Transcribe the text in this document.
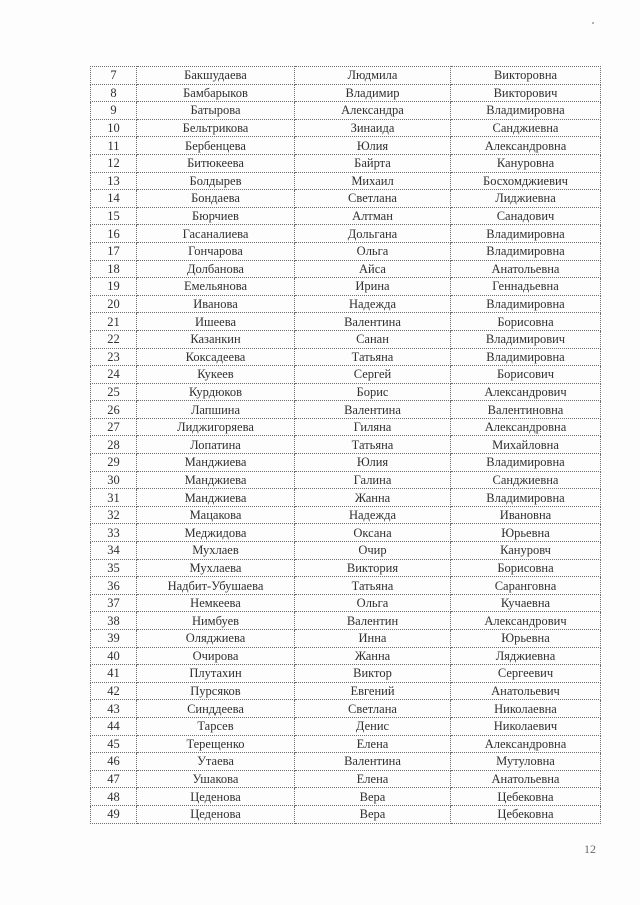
7	Бакшудаева	Людмила	Викторовна
8	Бамбарыков	Владимир	Викторович
9	Батырова	Александра	Владимировна
10	Бельтрикова	Зинаида	Санджиевна
11	Бербенцева	Юлия	Александровна
12	Битюкеева	Байрта	Кануровна
13	Болдырев	Михаил	Босхомджиевич
14	Бондаева	Светлана	Лиджиевна
15	Бюрчиев	Алтман	Санадович
16	Гасаналиева	Дольгана	Владимировна
17	Гончарова	Ольга	Владимировна
18	Долбанова	Айса	Анатольевна
19	Емельянова	Ирина	Геннадьевна
20	Иванова	Надежда	Владимировна
21	Ишеева	Валентина	Борисовна
22	Казанкин	Санан	Владимирович
23	Коксадеева	Татьяна	Владимировна
24	Кукеев	Сергей	Борисович
25	Курдюков	Борис	Александрович
26	Лапшина	Валентина	Валентиновна
27	Лиджигоряева	Гиляна	Александровна
28	Лопатина	Татьяна	Михайловна
29	Манджиева	Юлия	Владимировна
30	Манджиева	Галина	Санджиевна
31	Манджиева	Жанна	Владимировна
32	Мацакова	Надежда	Ивановна
33	Меджидова	Оксана	Юрьевна
34	Мухлаев	Очир	Кануровч
35	Мухлаева	Виктория	Борисовна
36	Надбит-Убушаева	Татьяна	Саранговна
37	Немкеева	Ольга	Кучаевна
38	Нимбуев	Валентин	Александрович
39	Оляджиева	Инна	Юрьевна
40	Очирова	Жанна	Ляджиевна
41	Плутахин	Виктор	Сергеевич
42	Пурсяков	Евгений	Анатольевич
43	Синддеева	Светлана	Николаевна
44	Тарсев	Денис	Николаевич
45	Терещенко	Елена	Александровна
46	Утаева	Валентина	Мутуловна
47	Ушакова	Елена	Анатольевна
48	Цеденова	Вера	Цебековна
49	Цеденова	Вера	Цебековна
12
